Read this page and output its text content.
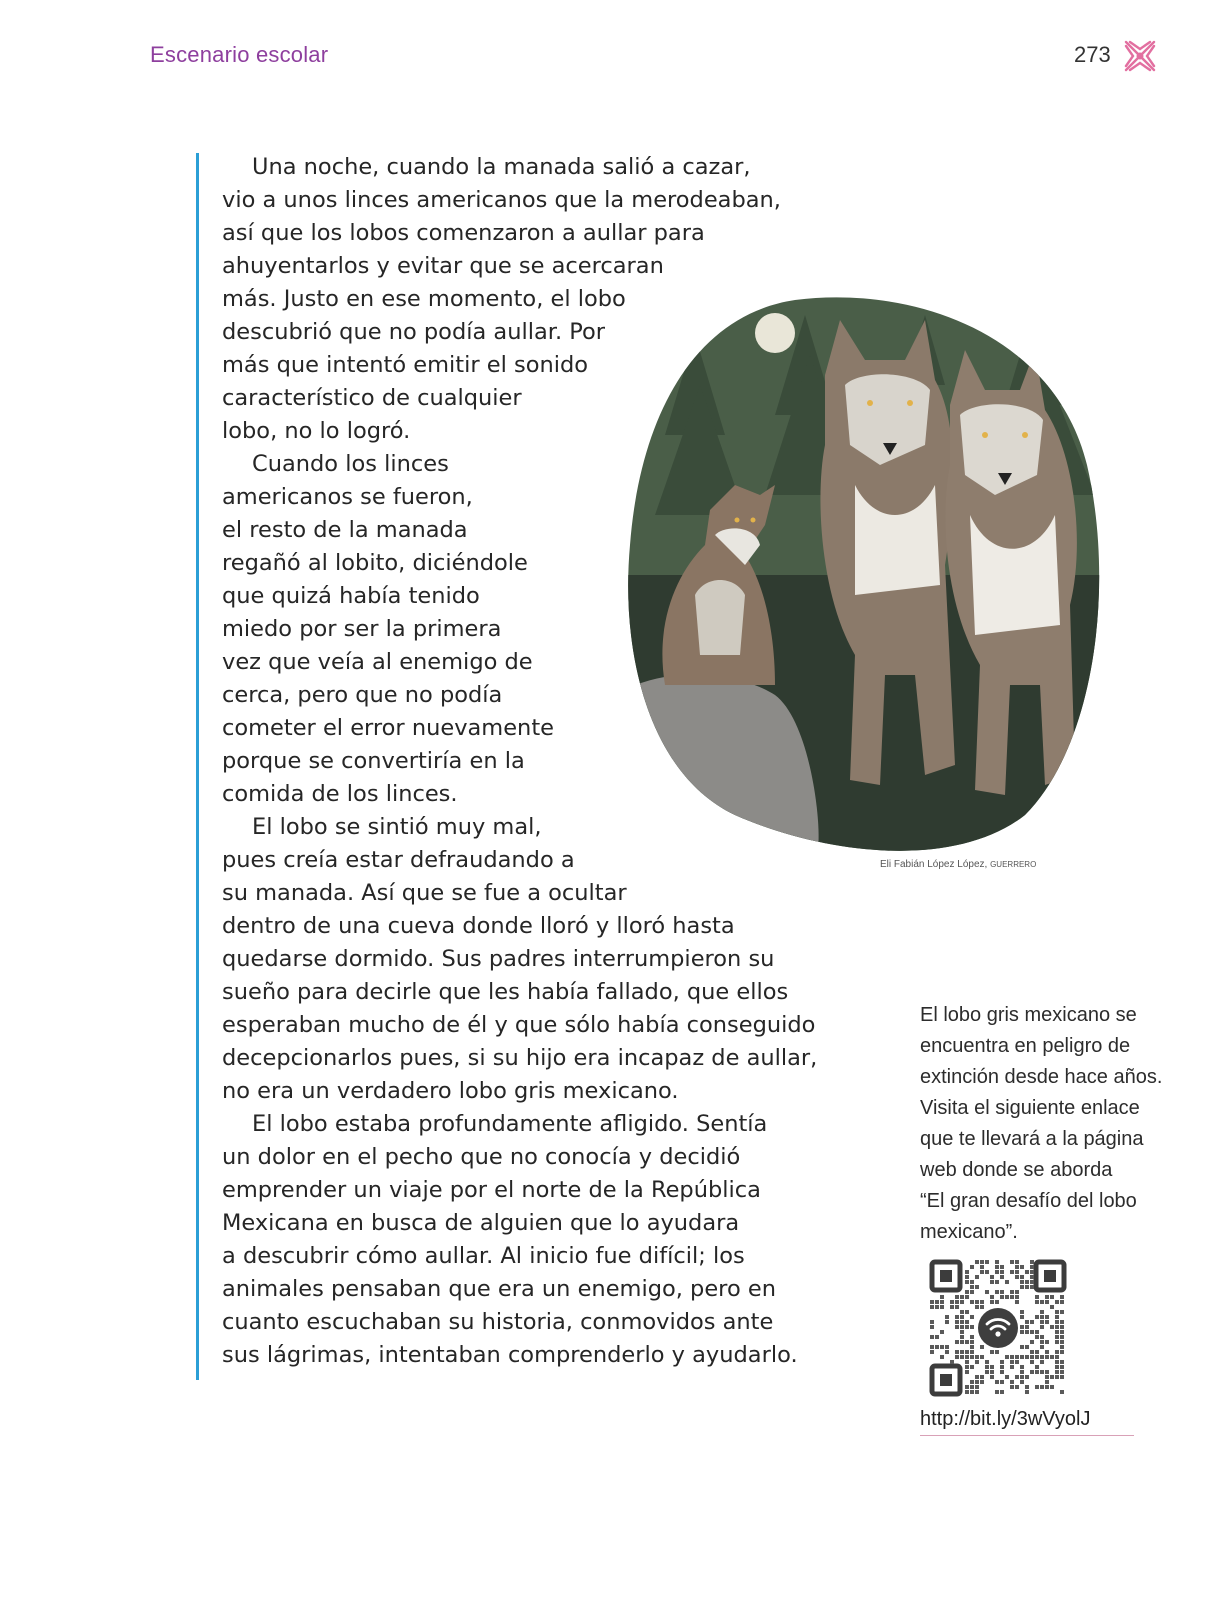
Escenario escolar	273
Una noche, cuando la manada salió a cazar,
vio a unos linces americanos que la merodeaban,
así que los lobos comenzaron a aullar para
ahuyentarlos y evitar que se acercaran
más. Justo en ese momento, el lobo
descubrió que no podía aullar. Por
más que intentó emitir el sonido
característico de cualquier
lobo, no lo logró.
Cuando los linces
americanos se fueron,
el resto de la manada
regañó al lobito, diciéndole
que quizá había tenido
miedo por ser la primera
vez que veía al enemigo de
cerca, pero que no podía
cometer el error nuevamente
porque se convertiría en la
comida de los linces.
El lobo se sintió muy mal,
pues creía estar defraudando a
su manada. Así que se fue a ocultar
dentro de una cueva donde lloró y lloró hasta
quedarse dormido. Sus padres interrumpieron su
sueño para decirle que les había fallado, que ellos
esperaban mucho de él y que sólo había conseguido
decepcionarlos pues, si su hijo era incapaz de aullar,
no era un verdadero lobo gris mexicano.
El lobo estaba profundamente afligido. Sentía
un dolor en el pecho que no conocía y decidió
emprender un viaje por el norte de la República
Mexicana en busca de alguien que lo ayudara
a descubrir cómo aullar. Al inicio fue difícil; los
animales pensaban que era un enemigo, pero en
cuanto escuchaban su historia, conmovidos ante
sus lágrimas, intentaban comprenderlo y ayudarlo.
Eli Fabián López López, GUERRERO
El lobo gris mexicano se
encuentra en peligro de
extinción desde hace años.
Visita el siguiente enlace
que te llevará a la página
web donde se aborda
“El gran desafío del lobo
mexicano”.
http://bit.ly/3wVyolJ
